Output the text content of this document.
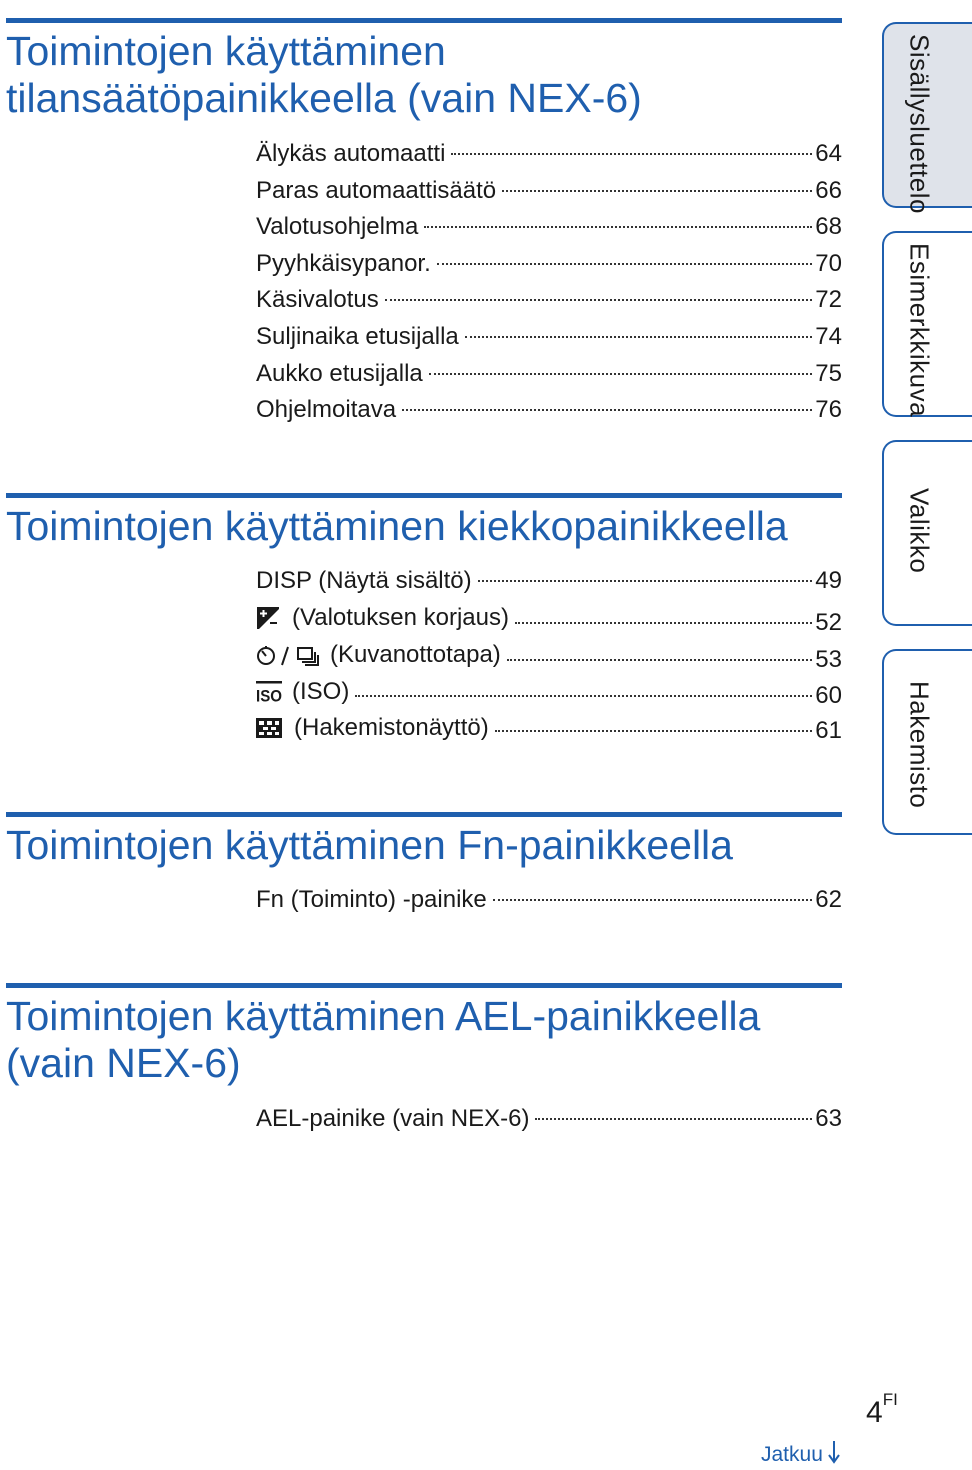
Toimintojen käyttäminen
tilansäätöpainikkeella (vain NEX-6)
Älykäs automaatti	64
Paras automaattisäätö	66
Valotusohjelma	68
Pyyhkäisypanor.	70
Käsivalotus	72
Suljinaika etusijalla	74
Aukko etusijalla	75
Ohjelmoitava	76
Toimintojen käyttäminen kiekkopainikkeella
DISP (Näytä sisältö)	49
(Valotuksen korjaus)	52
(Kuvanottotapa)	53
ISO (ISO)	60
(Hakemistonäyttö)	61
Toimintojen käyttäminen Fn-painikkeella
Fn (Toiminto) -painike	62
Toimintojen käyttäminen AEL-painikkeella
(vain NEX-6)
AEL-painike (vain NEX-6)	63
Sisällysluettelo
Esimerkkikuva
Valikko
Hakemisto
$4^{FI}$
Jatkuu
